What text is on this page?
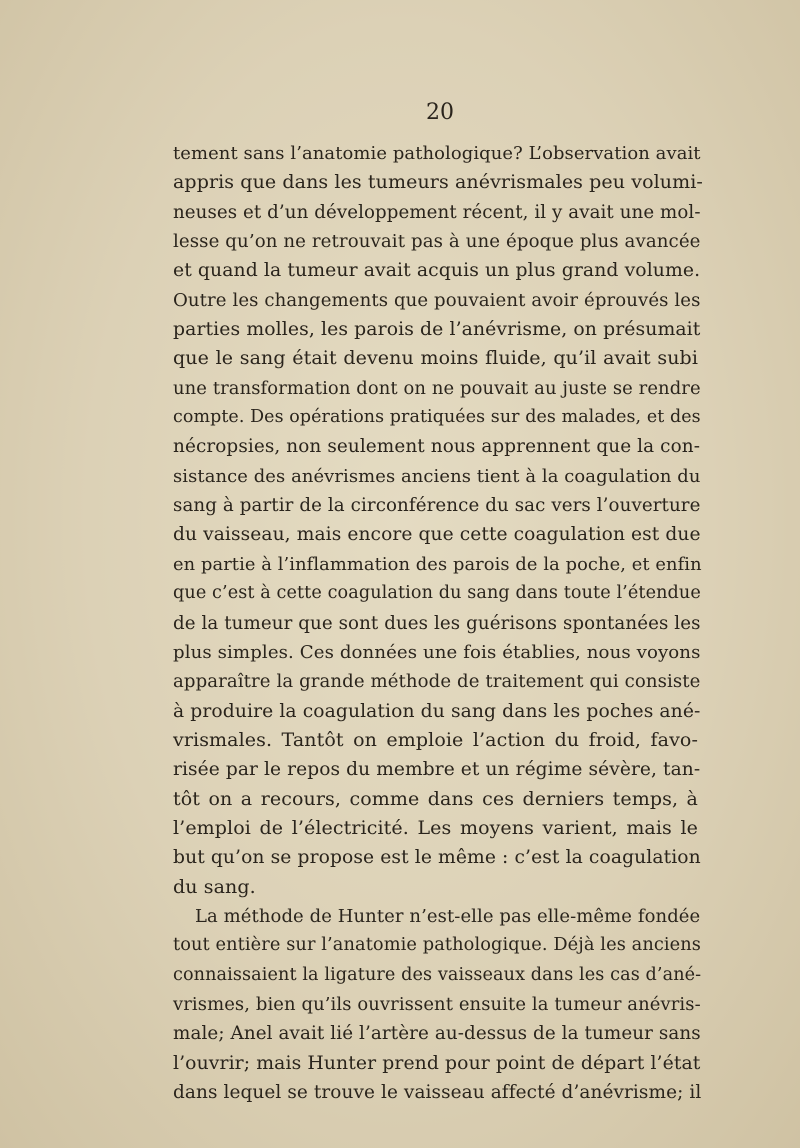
20
tement sans l’anatomie pathologique? L’observation avait
appris que dans les tumeurs anévrismales peu volumi-
neuses et d’un développement récent, il y avait une mol-
lesse qu’on ne retrouvait pas à une époque plus avancée
et quand la tumeur avait acquis un plus grand volume.
Outre les changements que pouvaient avoir éprouvés les
parties molles, les parois de l’anévrisme, on présumait
que le sang était devenu moins fluide, qu’il avait subi
une transformation dont on ne pouvait au juste se rendre
compte. Des opérations pratiquées sur des malades, et des
nécropsies, non seulement nous apprennent que la con-
sistance des anévrismes anciens tient à la coagulation du
sang à partir de la circonférence du sac vers l’ouverture
du vaisseau, mais encore que cette coagulation est due
en partie à l’inflammation des parois de la poche, et enfin
que c’est à cette coagulation du sang dans toute l’étendue
de la tumeur que sont dues les guérisons spontanées les
plus simples. Ces données une fois établies, nous voyons
apparaître la grande méthode de traitement qui consiste
à produire la coagulation du sang dans les poches ané-
vrismales. Tantôt on emploie l’action du froid, favo-
risée par le repos du membre et un régime sévère, tan-
tôt on a recours, comme dans ces derniers temps, à
l’emploi de l’électricité. Les moyens varient, mais le
but qu’on se propose est le même : c’est la coagulation
du sang.
La méthode de Hunter n’est-elle pas elle-même fondée
tout entière sur l’anatomie pathologique. Déjà les anciens
connaissaient la ligature des vaisseaux dans les cas d’ané-
vrismes, bien qu’ils ouvrissent ensuite la tumeur anévris-
male; Anel avait lié l’artère au-dessus de la tumeur sans
l’ouvrir; mais Hunter prend pour point de départ l’état
dans lequel se trouve le vaisseau affecté d’anévrisme; il
